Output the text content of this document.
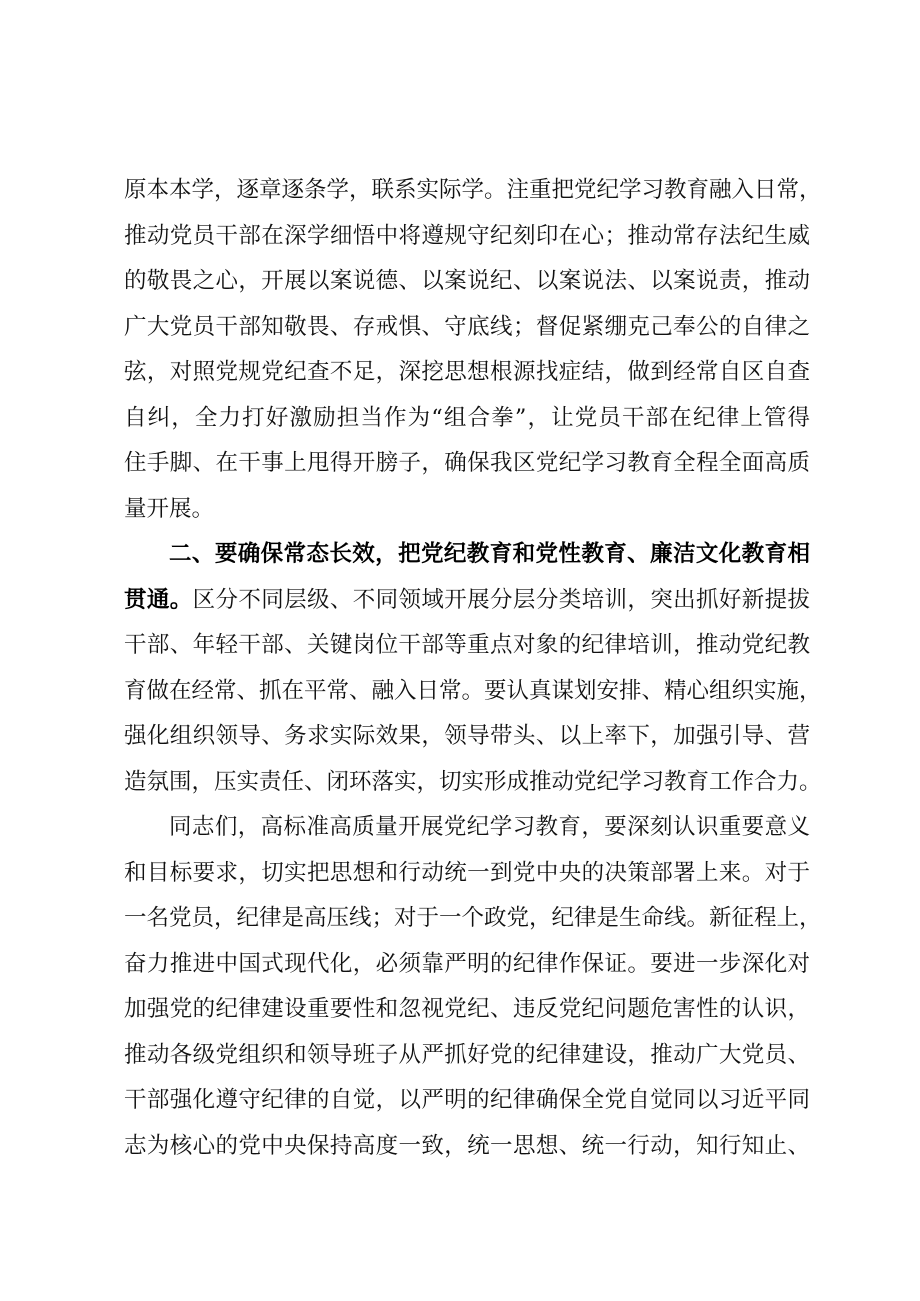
原本本学，逐章逐条学，联系实际学。注重把党纪学习教育融入日常，
推动党员干部在深学细悟中将遵规守纪刻印在心；推动常存法纪生威
的敬畏之心，开展以案说德、以案说纪、以案说法、以案说责，推动
广大党员干部知敬畏、存戒惧、守底线；督促紧绷克己奉公的自律之
弦，对照党规党纪查不足，深挖思想根源找症结，做到经常自区自查
自纠，全力打好激励担当作为“组合拳”，让党员干部在纪律上管得
住手脚、在干事上甩得开膀子，确保我区党纪学习教育全程全面高质
量开展。
二、要确保常态长效，把党纪教育和党性教育、廉洁文化教育相
贯通。区分不同层级、不同领域开展分层分类培训，突出抓好新提拔
干部、年轻干部、关键岗位干部等重点对象的纪律培训，推动党纪教
育做在经常、抓在平常、融入日常。要认真谋划安排、精心组织实施，
强化组织领导、务求实际效果，领导带头、以上率下，加强引导、营
造氛围，压实责任、闭环落实，切实形成推动党纪学习教育工作合力。
同志们，高标准高质量开展党纪学习教育，要深刻认识重要意义
和目标要求，切实把思想和行动统一到党中央的决策部署上来。对于
一名党员，纪律是高压线；对于一个政党，纪律是生命线。新征程上，
奋力推进中国式现代化，必须靠严明的纪律作保证。要进一步深化对
加强党的纪律建设重要性和忽视党纪、违反党纪问题危害性的认识，
推动各级党组织和领导班子从严抓好党的纪律建设，推动广大党员、
干部强化遵守纪律的自觉，以严明的纪律确保全党自觉同以习近平同
志为核心的党中央保持高度一致，统一思想、统一行动，知行知止、
